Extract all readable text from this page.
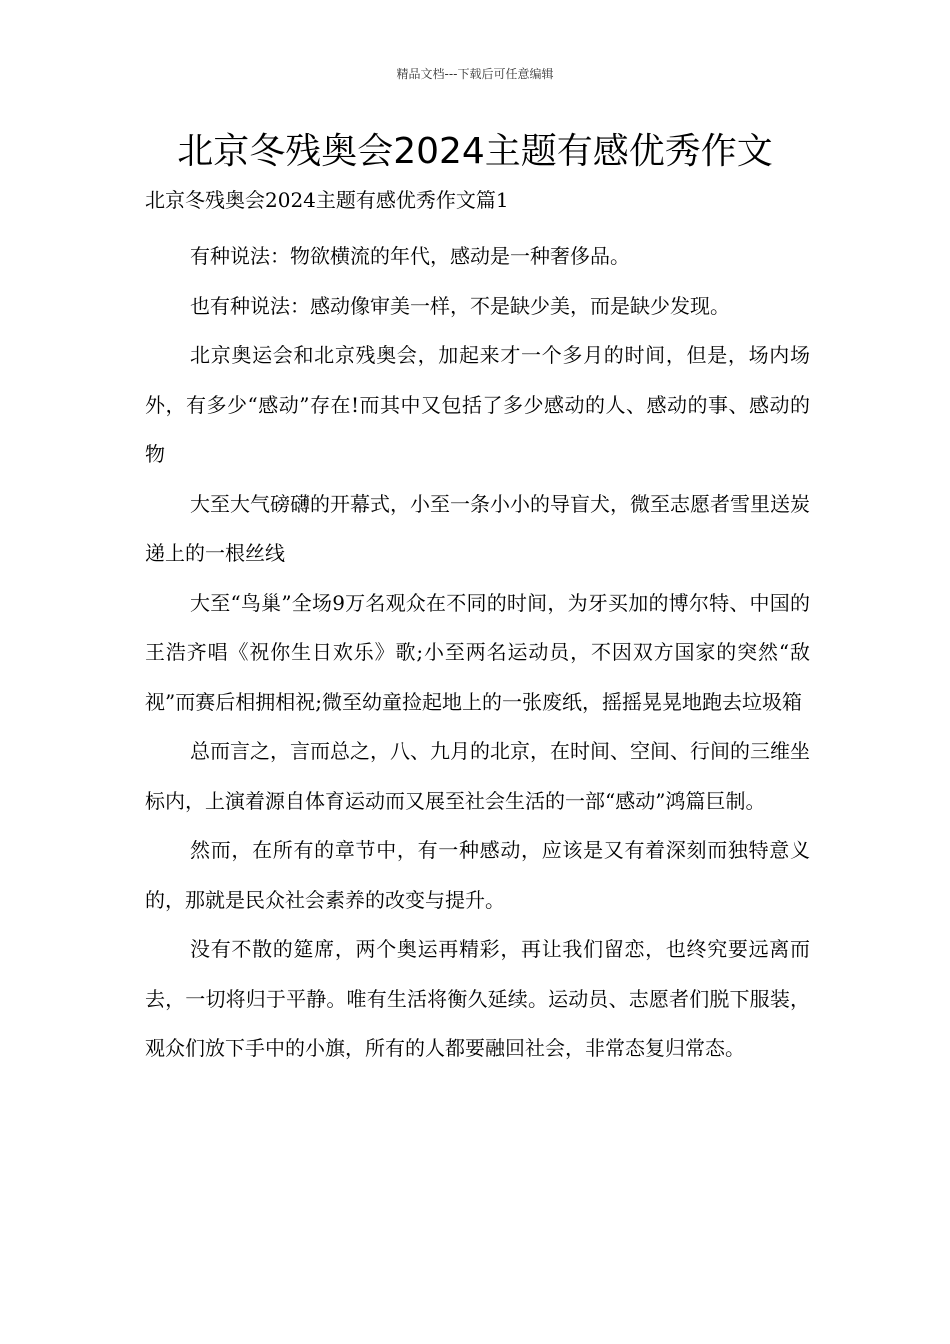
精品文档---下载后可任意编辑
北京冬残奥会2024主题有感优秀作文

北京冬残奥会2024主题有感优秀作文篇1

有种说法：物欲横流的年代，感动是一种奢侈品。

也有种说法：感动像审美一样，不是缺少美，而是缺少发现。

北京奥运会和北京残奥会，加起来才一个多月的时间，但是，场内场外，有多少“感动”存在!而其中又包括了多少感动的人、感动的事、感动的物

大至大气磅礴的开幕式，小至一条小小的导盲犬，微至志愿者雪里送炭递上的一根丝线

大至“鸟巢”全场9万名观众在不同的时间，为牙买加的博尔特、中国的王浩齐唱《祝你生日欢乐》歌;小至两名运动员，不因双方国家的突然“敌视”而赛后相拥相祝;微至幼童捡起地上的一张废纸，摇摇晃晃地跑去垃圾箱

总而言之，言而总之，八、九月的北京，在时间、空间、行间的三维坐标内，上演着源自体育运动而又展至社会生活的一部“感动”鸿篇巨制。

然而，在所有的章节中，有一种感动，应该是又有着深刻而独特意义的，那就是民众社会素养的改变与提升。

没有不散的筵席，两个奥运再精彩，再让我们留恋，也终究要远离而去，一切将归于平静。唯有生活将衡久延续。运动员、志愿者们脱下服装，观众们放下手中的小旗，所有的人都要融回社会，非常态复归常态。
